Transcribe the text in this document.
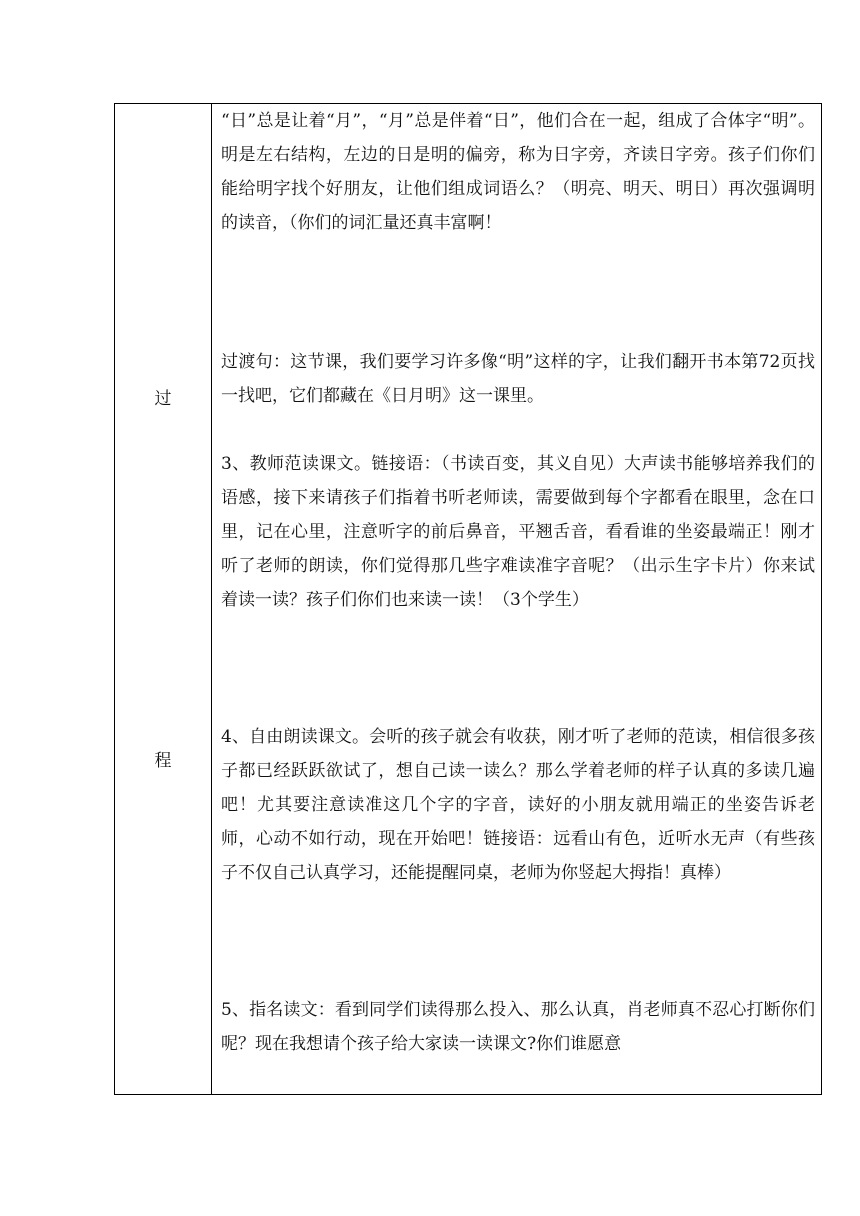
过
程

“日”总是让着“月”，“月”总是伴着“日”，他们合在一起，组成了合体字“明”。明是左右结构，左边的日是明的偏旁，称为日字旁，齐读日字旁。孩子们你们能给明字找个好朋友，让他们组成词语么？（明亮、明天、明日）再次强调明的读音，（你们的词汇量还真丰富啊！

过渡句：这节课，我们要学习许多像“明”这样的字，让我们翻开书本第72页找一找吧，它们都藏在《日月明》这一课里。

3、教师范读课文。链接语：（书读百变，其义自见）大声读书能够培养我们的语感，接下来请孩子们指着书听老师读，需要做到每个字都看在眼里，念在口里，记在心里，注意听字的前后鼻音，平翘舌音，看看谁的坐姿最端正！刚才听了老师的朗读，你们觉得那几些字难读准字音呢？（出示生字卡片）你来试着读一读？孩子们你们也来读一读！（3个学生）

4、自由朗读课文。会听的孩子就会有收获，刚才听了老师的范读，相信很多孩子都已经跃跃欲试了，想自己读一读么？那么学着老师的样子认真的多读几遍吧！尤其要注意读准这几个字的字音，读好的小朋友就用端正的坐姿告诉老师，心动不如行动，现在开始吧！链接语：远看山有色，近听水无声（有些孩子不仅自己认真学习，还能提醒同桌，老师为你竖起大拇指！真棒）

5、指名读文：看到同学们读得那么投入、那么认真，肖老师真不忍心打断你们呢？现在我想请个孩子给大家读一读课文?你们谁愿意
